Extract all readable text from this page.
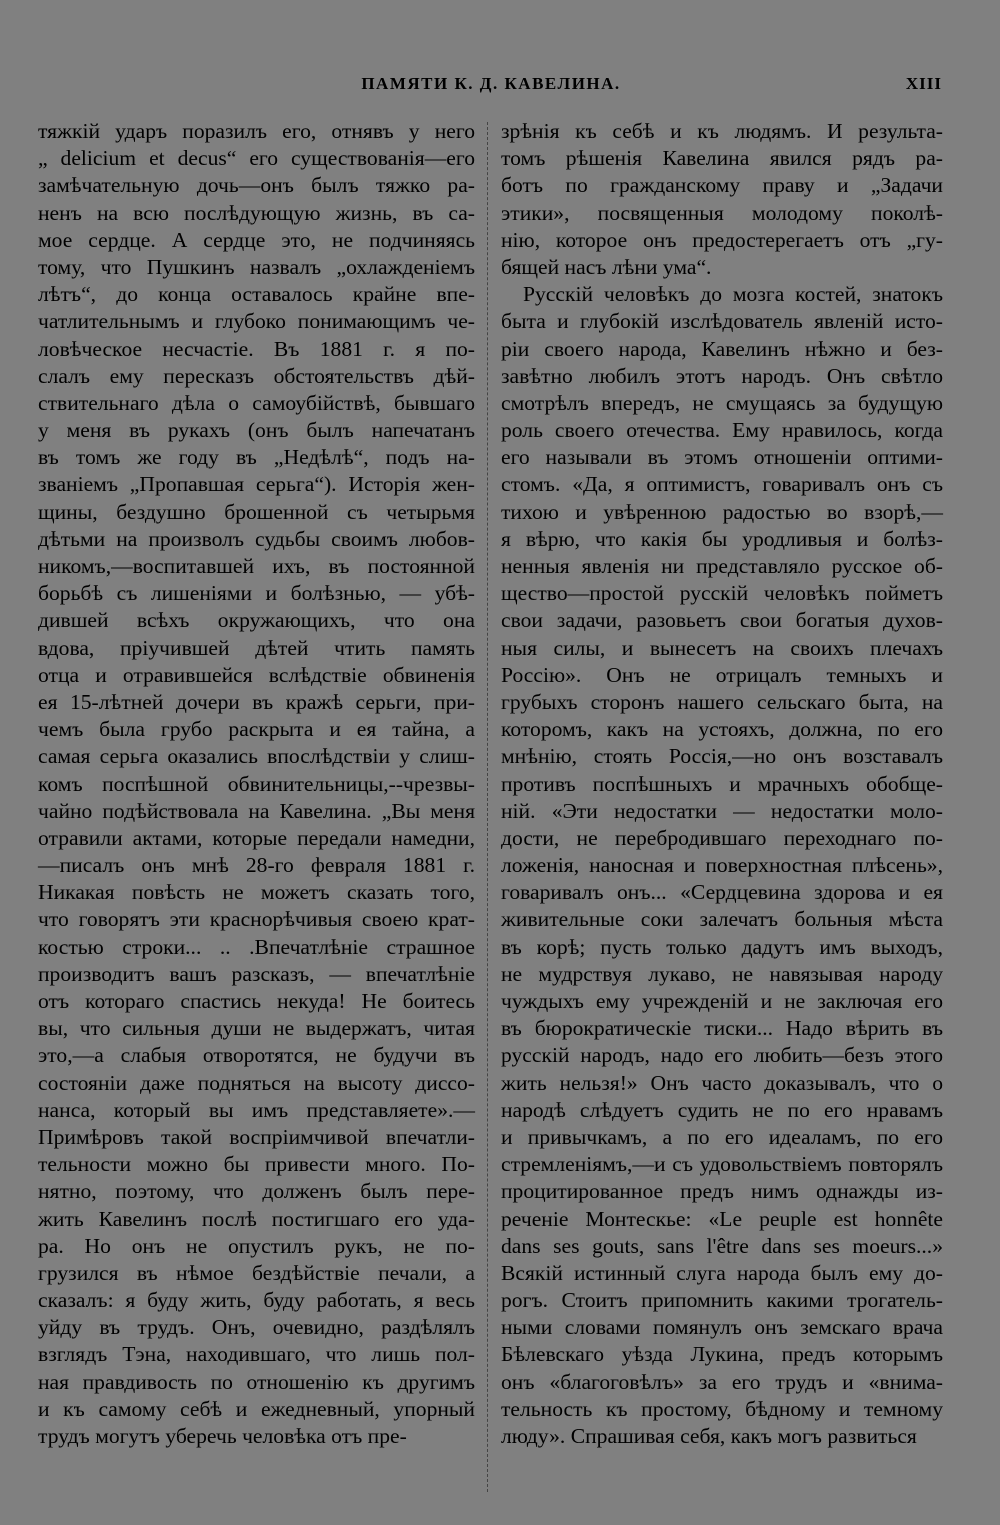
ПАМЯТИ К. Д. КАВЕЛИНА.	XIII
тяжкій ударъ поразилъ его, отнявъ у него
„ delicium et decus“ его существованія—его
замѣчательную дочь—онъ былъ тяжко ра-
ненъ на всю послѣдующую жизнь, въ са-
мое сердце. А сердце это, не подчиняясь
тому, что Пушкинъ назвалъ „охлажденіемъ
лѣтъ“, до конца оставалось крайне впе-
чатлительнымъ и глубоко понимающимъ че-
ловѣческое несчастіе. Въ 1881 г. я по-
слалъ ему пересказъ обстоятельствъ дѣй-
ствительнаго дѣла о самоубійствѣ, бывшаго
у меня въ рукахъ (онъ былъ напечатанъ
въ томъ же году въ „Недѣлѣ“, подъ на-
званіемъ „Пропавшая серьга“). Исторія жен-
щины, бездушно брошенной съ четырьмя
дѣтьми на произволъ судьбы своимъ любов-
никомъ,—воспитавшей ихъ, въ постоянной
борьбѣ съ лишеніями и болѣзнью, — убѣ-
дившей всѣхъ окружающихъ, что она
вдова, пріучившей дѣтей чтить память
отца и отравившейся вслѣдствіе обвиненія
ея 15-лѣтней дочери въ кражѣ серьги, при-
чемъ была грубо раскрыта и ея тайна, а
самая серьга оказались впослѣдствіи у слиш-
комъ поспѣшной обвинительницы,--чрезвы-
чайно подѣйствовала на Кавелина. „Вы меня
отравили актами, которые передали намедни,
—писалъ онъ мнѣ 28-го февраля 1881 г.
Никакая повѣсть не можетъ сказать того,
что говорятъ эти краснорѣчивыя своею крат-
костью строки... .. .Впечатлѣніе страшное
производитъ вашъ разсказъ, — впечатлѣніе
отъ котораго спастись некуда! Не боитесь
вы, что сильныя души не выдержатъ, читая
это,—а слабыя отворотятся, не будучи въ
состояніи даже подняться на высоту диссо-
нанса, который вы имъ представляете».—
Примѣровъ такой воспріимчивой впечатли-
тельности можно бы привести много. По-
нятно, поэтому, что долженъ былъ пере-
жить Кавелинъ послѣ постигшаго его уда-
ра. Но онъ не опустилъ рукъ, не по-
грузился въ нѣмое бездѣйствіе печали, а
сказалъ: я буду жить, буду работать, я весь
уйду въ трудъ. Онъ, очевидно, раздѣлялъ
взглядъ Тэна, находившаго, что лишь пол-
ная правдивость по отношенію къ другимъ
и къ самому себѣ и ежедневный, упорный
трудъ могутъ уберечь человѣка отъ пре-
зрѣнія къ себѣ и къ людямъ. И результа-
томъ рѣшенія Кавелина явился рядъ ра-
ботъ по гражданскому праву и „Задачи
этики», посвященныя молодому поколѣ-
нію, которое онъ предостерегаетъ отъ „гу-
бящей насъ лѣни ума“.
Русскій человѣкъ до мозга костей, знатокъ
быта и глубокій изслѣдователь явленій исто-
ріи своего народа, Кавелинъ нѣжно и без-
завѣтно любилъ этотъ народъ. Онъ свѣтло
смотрѣлъ впередъ, не смущаясь за будущую
роль своего отечества. Ему нравилось, когда
его называли въ этомъ отношеніи оптими-
стомъ. «Да, я оптимистъ, говаривалъ онъ съ
тихою и увѣренною радостью во взорѣ,—
я вѣрю, что какія бы уродливыя и болѣз-
ненныя явленія ни представляло русское об-
щество—простой русскій человѣкъ пойметъ
свои задачи, разовьетъ свои богатыя духов-
ныя силы, и вынесетъ на своихъ плечахъ
Россію». Онъ не отрицалъ темныхъ и
грубыхъ сторонъ нашего сельскаго быта, на
которомъ, какъ на устояхъ, должна, по его
мнѣнію, стоять Россія,—но онъ возставалъ
противъ поспѣшныхъ и мрачныхъ обобще-
ній. «Эти недостатки — недостатки моло-
дости, не перебродившаго переходнаго по-
ложенія, наносная и поверхностная плѣсень»,
говаривалъ онъ... «Сердцевина здорова и ея
живительные соки залечатъ больныя мѣста
въ корѣ; пусть только дадутъ имъ выходъ,
не мудрствуя лукаво, не навязывая народу
чуждыхъ ему учрежденій и не заключая его
въ бюрократическіе тиски... Надо вѣрить въ
русскій народъ, надо его любить—безъ этого
жить нельзя!» Онъ часто доказывалъ, что о
народѣ слѣдуетъ судить не по его нравамъ
и привычкамъ, а по его идеаламъ, по его
стремленіямъ,—и съ удовольствіемъ повторялъ
процитированное предъ нимъ однажды из-
реченіе Монтескье: «Le peuple est honnête
dans ses gouts, sans l'être dans ses moeurs...»
Всякій истинный слуга народа былъ ему до-
рогъ. Стоитъ припомнить какими трогатель-
ными словами помянулъ онъ земскаго врача
Бѣлевскаго уѣзда Лукина, предъ которымъ
онъ «благоговѣлъ» за его трудъ и «внима-
тельность къ простому, бѣдному и темному
люду». Спрашивая себя, какъ могъ развиться
